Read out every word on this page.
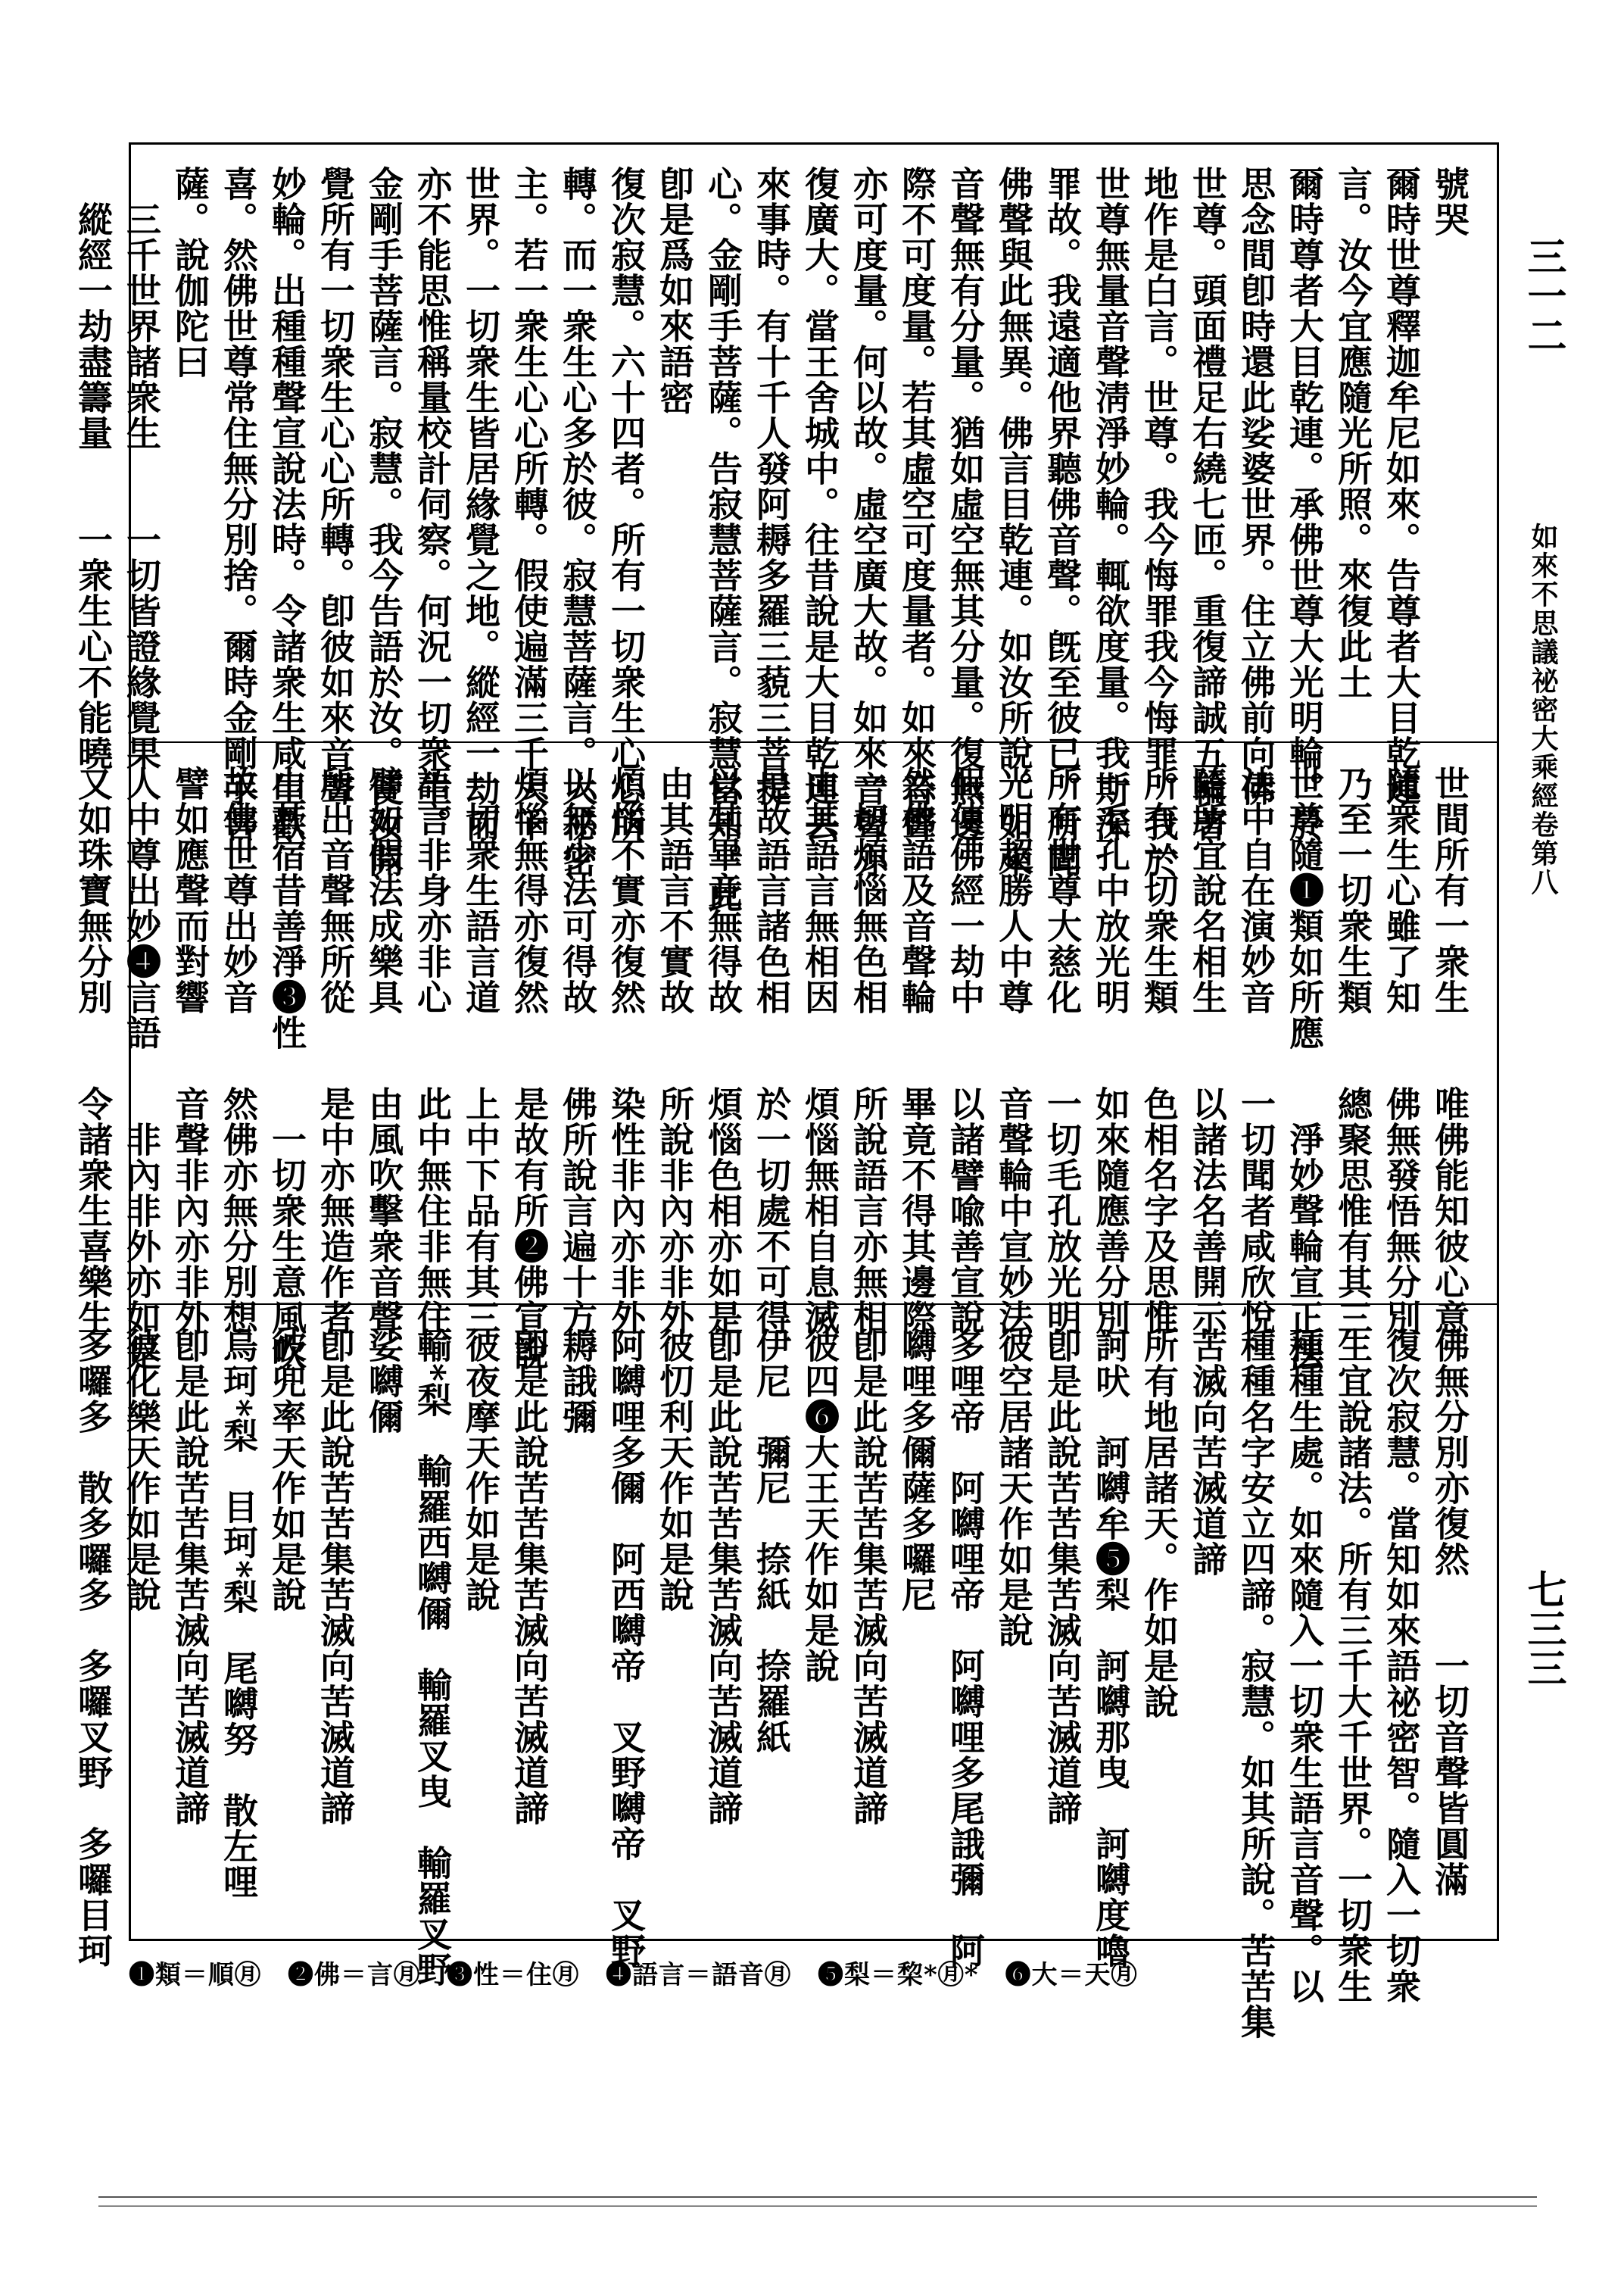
三一二
如來不思議祕密大乘經卷第八
七三三
號哭
爾時世尊釋迦牟尼如來。告尊者大目乾連
言。汝今宜應隨光所照。來復此土
爾時尊者大目乾連。承佛世尊大光明輪。於
思念間卽時還此娑婆世界。住立佛前向佛
世尊。頭面禮足右繞七匝。重復諦誠五輪著
地作是白言。世尊。我今悔罪我今悔罪。我於
世尊無量音聲淸淨妙輪。輒欲度量。我斯深
罪故。我遠適他界聽佛音聲。旣至彼已。所聞
佛聲與此無異。佛言目乾連。如汝所說。如來
音聲無有分量。猶如虛空無其分量。復無邊
際不可度量。若其虛空可度量者。如來音聲
亦可度量。何以故。虛空廣大故。如來音聲亦
復廣大。當王舍城中。往昔說是大目乾連去
來事時。有十千人發阿耨多羅三藐三菩提
心。金剛手菩薩。告寂慧菩薩言。寂慧當知。此
卽是爲如來語密
復次寂慧。六十四者。所有一切衆生心心所
轉。而一衆生心多於彼。寂慧菩薩言。大祕密
主。若一衆生心心所轉。假使遍滿三千大千
世界。一切衆生皆居緣覺之地。縱經一劫而
亦不能思惟稱量校計伺察。何況一切衆生。
金剛手菩薩言。寂慧。我今告語於汝。使汝開
覺所有一切衆生心心所轉。卽彼如來音聲
妙輪。出種種聲宣說法時。令諸衆生咸生歡
喜。然佛世尊常住無分別捨。爾時金剛手菩
薩。說伽陀曰
　三千世界諸衆生　　一切皆證緣覺果
　縱經一劫盡籌量　　一衆生心不能曉
世間所有一衆生　　唯佛能知彼心意
隨衆生心雖了知　　佛無發悟無分別
乃至一切衆生類　　總聚思惟有其三
世尊隨❶類如所應　　淨妙聲輪宣正法
法中自在演妙音　　一切聞者咸欣悅
隨所宜說名相生　　以諸法名善開示
所有一切衆生類　　色相名字及思惟
一毛孔中放光明　　如來隨應善分別
所有世尊大慈化　　一切毛孔放光明
光明超勝人中尊　　音聲輪中宣妙法
假使佛經一劫中　　以諸譬喩善宣說
然佛語及音聲輪　　畢竟不得其邊際
一切煩惱無色相　　所說語言亦無相
由其語言無相因　　煩惱無相自息滅
是故語言諸色相　　於一切處不可得
以其畢竟無得故　　煩惱色相亦如是
由其語言不實故　　所說非內亦非外
煩惱不實亦復然　　染性非內亦非外
以無少法可得故　　佛所說言遍十方
煩惱無得亦復然　　是故有所❷佛宣說
一切衆生語言道　　上中下品有其三
語言非身亦非心　　此中無住非無住
譬如假法成樂具　　由風吹擊衆音聲
所出音聲無所從　　是中亦無造作者
由其宿昔善淨❸性　　一切衆生意風吹
故佛世尊出妙音　　然佛亦無分別想
譬如應聲而對響　　音聲非內亦非外
人中尊出妙❹言語　　非內非外亦如是
又如珠寶無分別　　令諸衆生喜樂生
佛無分別亦復然　　一切音聲皆圓滿
復次寂慧。當知如來語祕密智。隨入一切衆
生宜說諸法。所有三千大千世界。一切衆生
種種生處。如來隨入一切衆生語言音聲。以
種種名字安立四諦。寂慧。如其所說。苦苦集
苦滅向苦滅道諦
所有地居諸天。作如是說
訶吠　訶嚩牟❺梨　訶嚩那曳　訶嚩度嚕
卽是此說苦苦集苦滅向苦滅道諦
彼空居諸天作如是說
多哩帝　阿嚩哩帝　阿嚩哩多尾誐彌　阿
嚩哩多儞薩多囉尼
卽是此說苦苦集苦滅向苦滅道諦
彼四❻大王天作如是說
伊尼　彌尼　捺紙　捺羅紙
卽是此說苦苦集苦滅向苦滅道諦
彼忉利天作如是說
阿嚩哩多儞　阿西嚩帝　叉野嚩帝　叉野
耨誐彌
卽是此說苦苦集苦滅向苦滅道諦
彼夜摩天作如是說
輸*梨　輸羅西嚩儞　輸羅叉曳　輸羅叉野
娑嚩儞
卽是此說苦苦集苦滅向苦滅道諦
彼兜率天作如是說
烏珂*梨　目珂*梨　尾嚩努　散左哩
卽是此說苦苦集苦滅向苦滅道諦
彼化樂天作如是說
多囉多　散多囉多　多囉叉野　多囉目珂
❶類＝順㊊　❷佛＝言㊊　❸性＝住㊊　❹語言＝語音㊊　❺梨＝棃*㊊*　❻大＝天㊊
